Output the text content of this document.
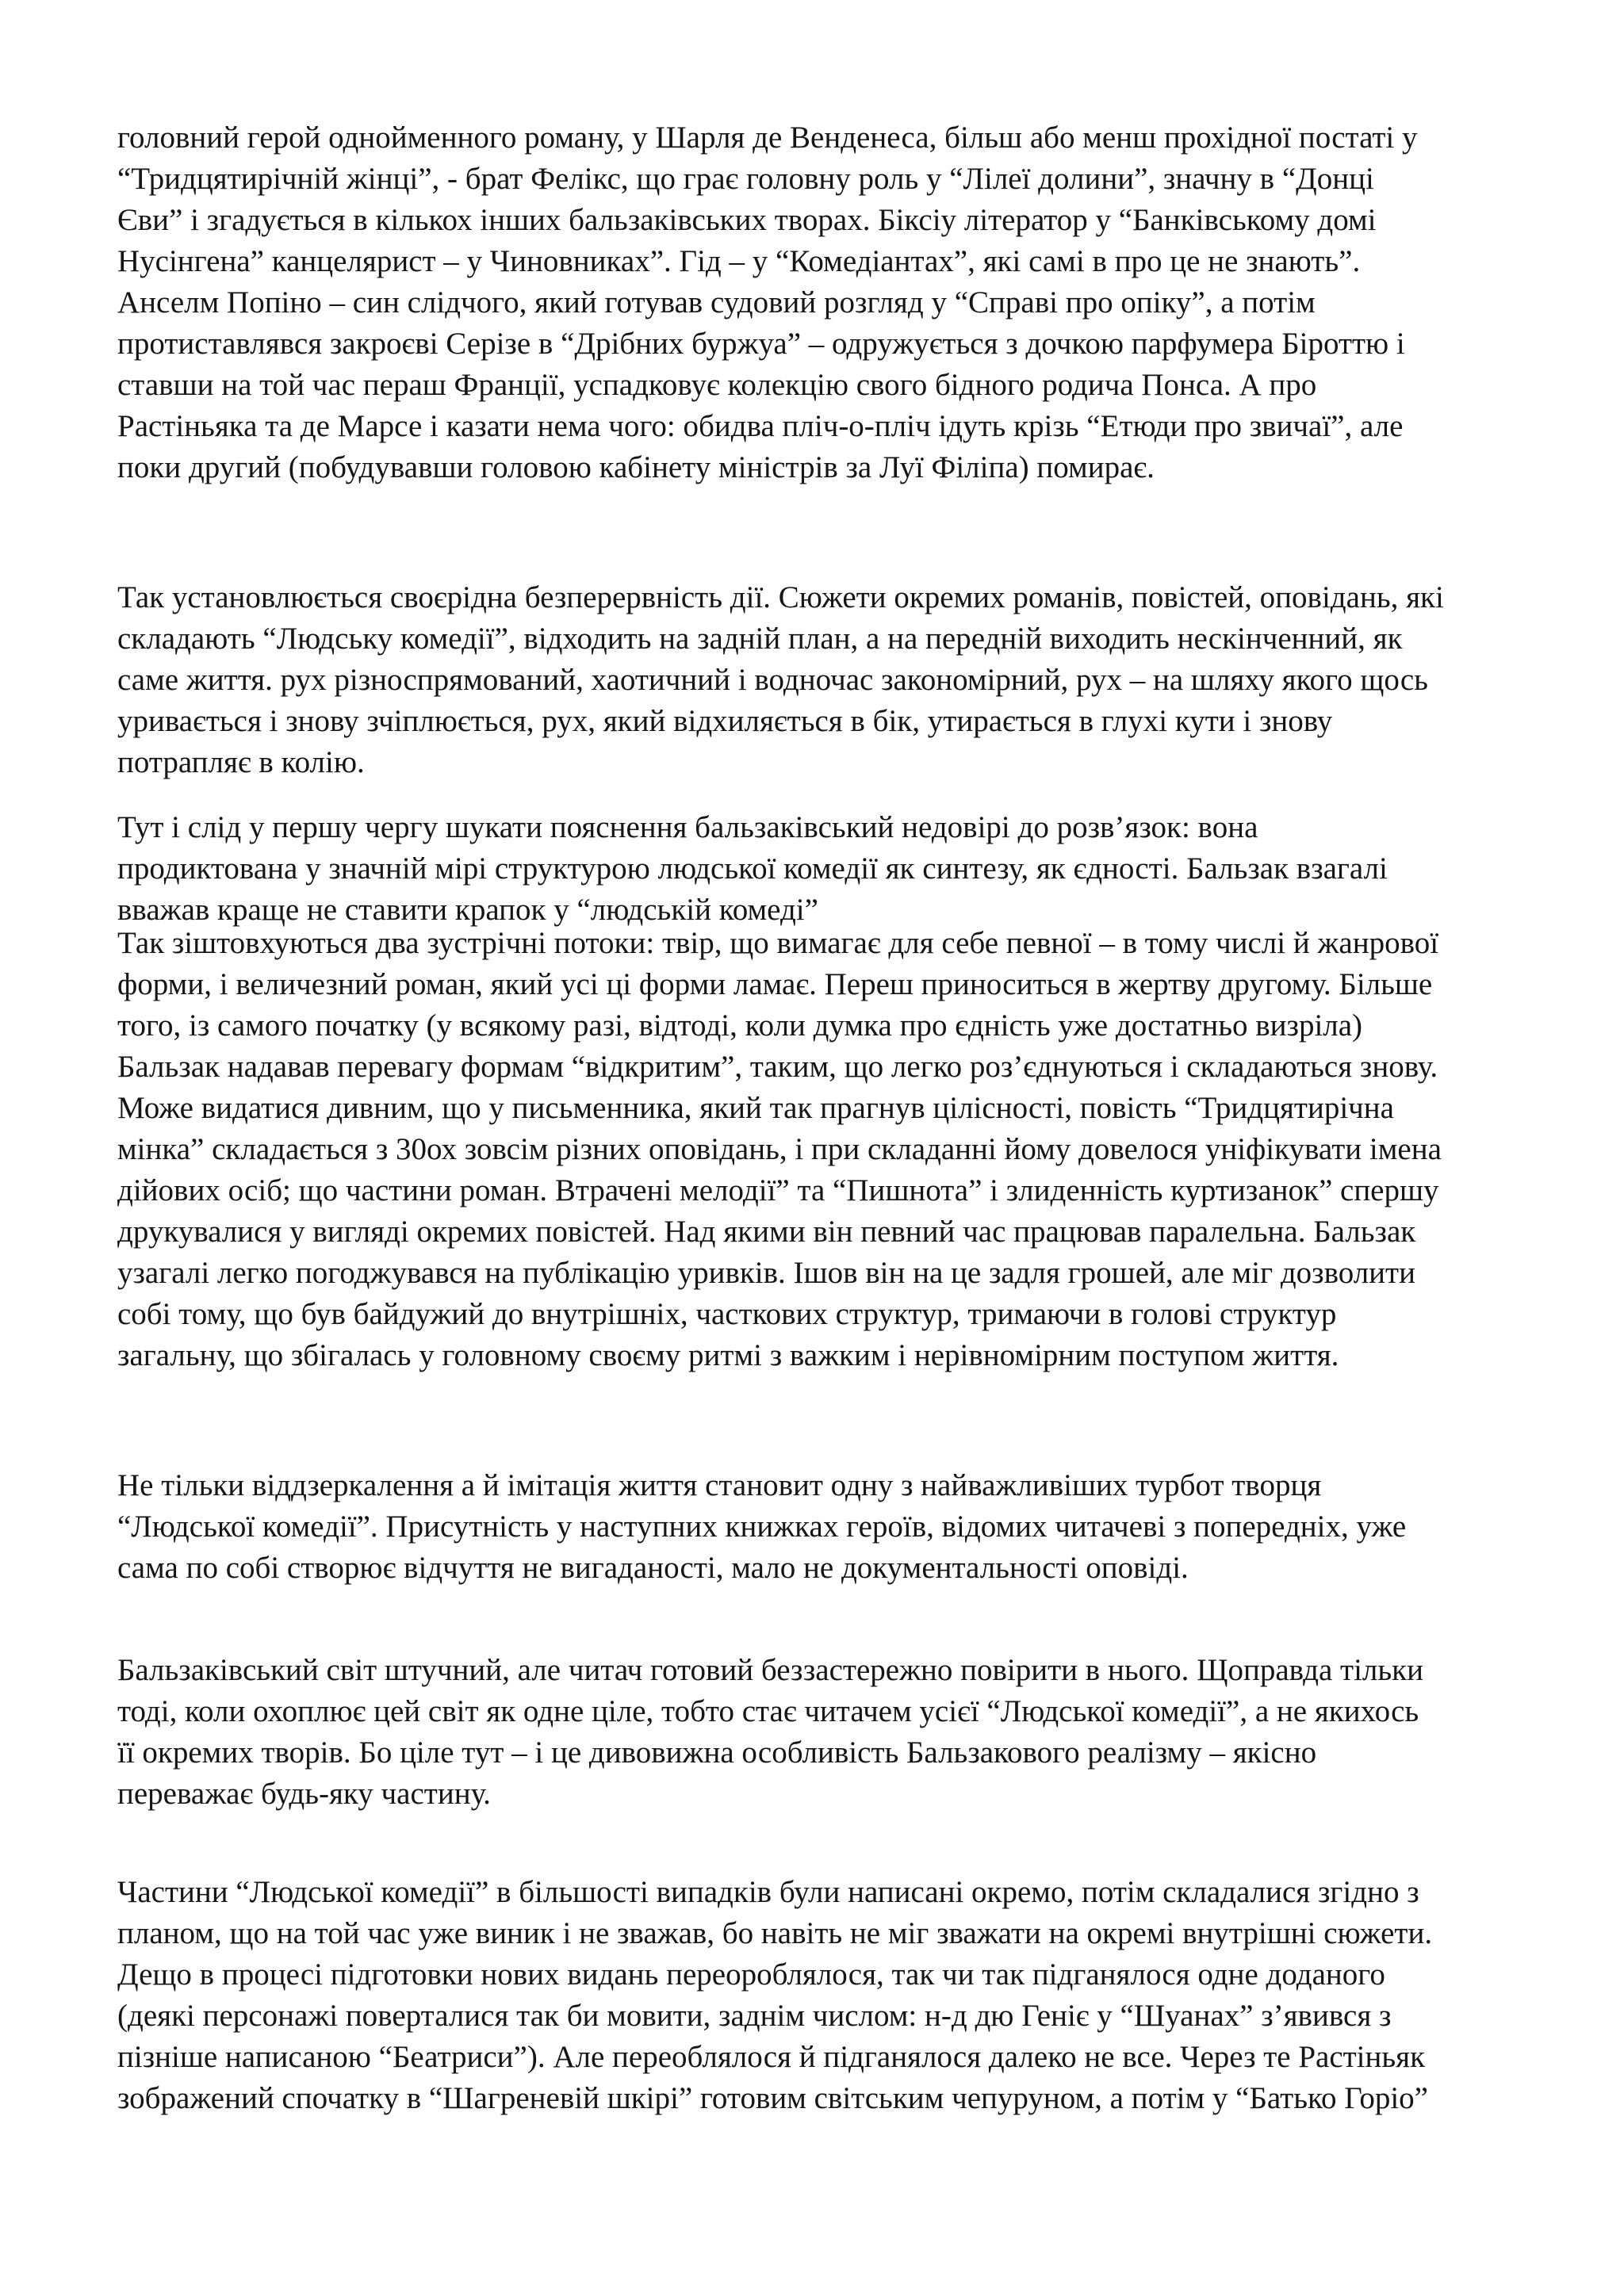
головний герой однойменного роману, у Шарля де Венденеса, більш або менш прохідної постаті у
“Тридцятирічній жінці”, - брат Фелікс, що грає головну роль у “Лілеї долини”, значну в “Донці
Єви” і згадується в кількох інших бальзаківських творах. Біксіу літератор у “Банківському домі
Нусінгена” канцелярист – у Чиновниках”. Гід – у “Комедіантах”, які самі в про це не знають”.
Анселм Попіно – син слідчого, який готував судовий розгляд у “Справі про опіку”, а потім
протиставлявся закроєві Серізе в “Дрібних буржуа” – одружується з дочкою парфумера Біроттю і
ставши на той час пераш Франції, успадковує колекцію свого бідного родича Понса. А про
Растіньяка та де Марсе і казати нема чого: обидва пліч-о-пліч ідуть крізь “Етюди про звичаї”, але
поки другий (побудувавши головою кабінету міністрів за Луї Філіпа) помирає.

Так установлюється своєрідна безперервність дії. Сюжети окремих романів, повістей, оповідань, які
складають “Людську комедії”, відходить на задній план, а на передній виходить нескінченний, як
саме життя. рух різноспрямований, хаотичний і водночас закономірний, рух – на шляху якого щось
уривається і знову зчіплюється, рух, який відхиляється в бік, утирається в глухі кути і знову
потрапляє в колію.

Тут і слід у першу чергу шукати пояснення бальзаківський недовірі до розв’язок: вона
продиктована у значній мірі структурою людської комедії як синтезу, як єдності. Бальзак взагалі
вважав краще не ставити крапок у “людській комеді”

Так зіштовхуються два зустрічні потоки: твір, що вимагає для себе певної – в тому числі й жанрової
форми, і величезний роман, який усі ці форми ламає. Переш приноситься в жертву другому. Більше
того, із самого початку (у всякому разі, відтоді, коли думка про єдність уже достатньо визріла)
Бальзак надавав перевагу формам “відкритим”, таким, що легко роз’єднуються і складаються знову.
Може видатися дивним, що у письменника, який так прагнув цілісності, повість “Тридцятирічна
мінка” складається з 30ох зовсім різних оповідань, і при складанні йому довелося уніфікувати імена
дійових осіб; що частини роман. Втрачені мелодії” та “Пишнота” і злиденність куртизанок” спершу
друкувалися у вигляді окремих повістей. Над якими він певний час працював паралельна. Бальзак
узагалі легко погоджувався на публікацію уривків. Ішов він на це задля грошей, але міг дозволити
собі тому, що був байдужий до внутрішніх, часткових структур, тримаючи в голові структур
загальну, що збігалась у головному своєму ритмі з важким і нерівномірним поступом життя.

Не тільки віддзеркалення а й імітація життя становит одну з найважливіших турбот творця
“Людської комедії”. Присутність у наступних книжках героїв, відомих читачеві з попередніх, уже
сама по собі створює відчуття не вигаданості, мало не документальності оповіді.

Бальзаківський світ штучний, але читач готовий беззастережно повірити в нього. Щоправда тільки
тоді, коли охоплює цей світ як одне ціле, тобто стає читачем усієї “Людської комедії”, а не якихось
її окремих творів. Бо ціле тут – і це дивовижна особливість Бальзакового реалізму – якісно
переважає будь-яку частину.

Частини “Людської комедії” в більшості випадків були написані окремо, потім складалися згідно з
планом, що на той час уже виник і не зважав, бо навіть не міг зважати на окремі внутрішні сюжети.
Дещо в процесі підготовки нових видань переороблялося, так чи так підганялося одне доданого
(деякі персонажі поверталися так би мовити, заднім числом: н-д дю Геніє у “Шуанах” з’явився з
пізніше написаною “Беатриси”). Але переоблялося й підганялося далеко не все. Через те Растіньяк
зображений спочатку в “Шагреневій шкірі” готовим світським чепуруном, а потім у “Батько Горіо”
